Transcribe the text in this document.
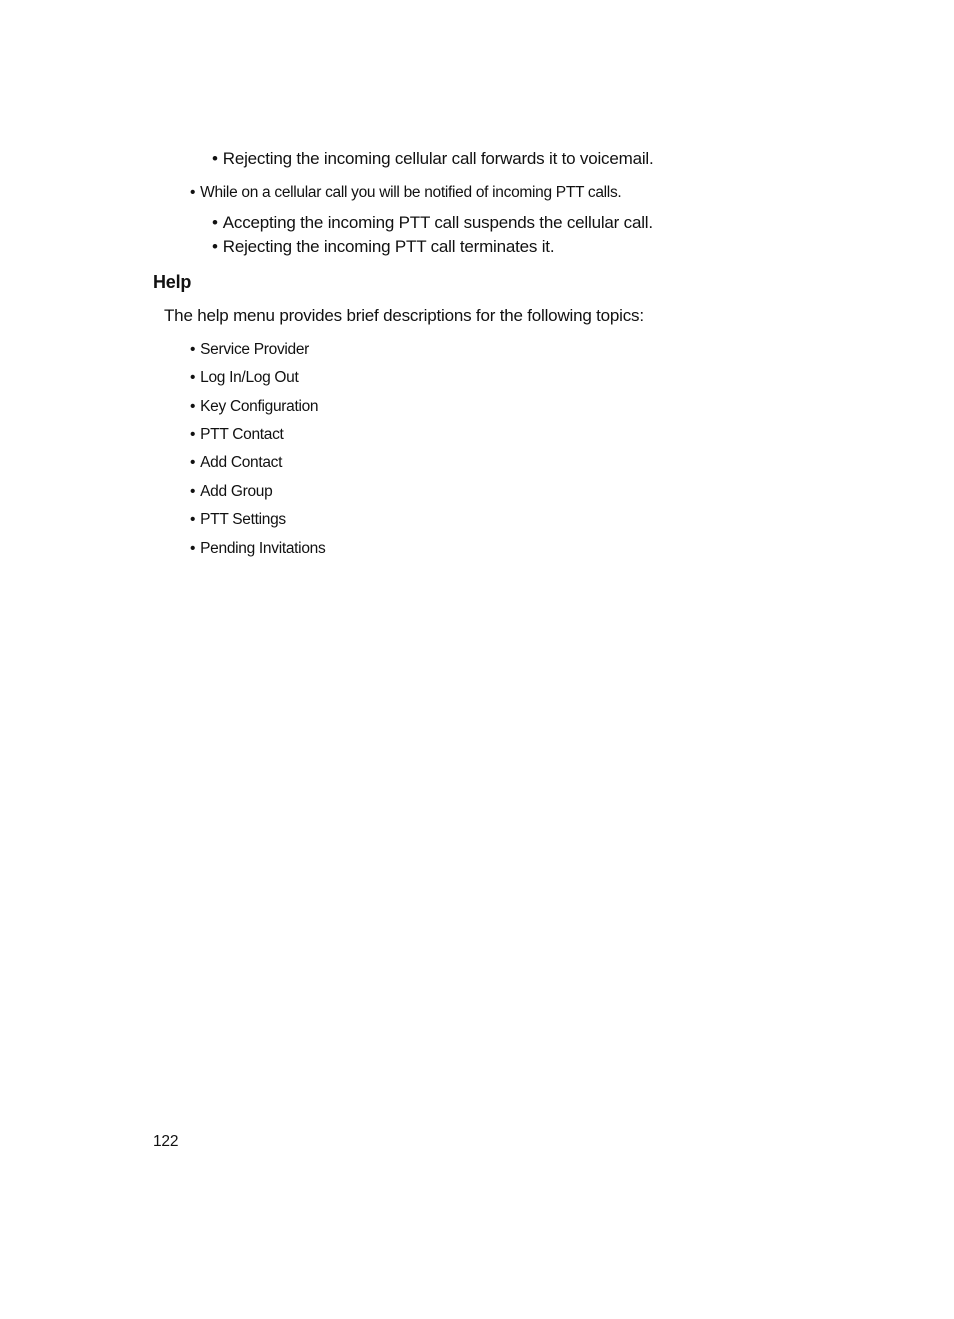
• Rejecting the incoming cellular call forwards it to voicemail.
• While on a cellular call you will be notified of incoming PTT calls.
• Accepting the incoming PTT call suspends the cellular call.
• Rejecting the incoming PTT call terminates it.
Help
The help menu provides brief descriptions for the following topics:
• Service Provider
• Log In/Log Out
• Key Configuration
• PTT Contact
• Add Contact
• Add Group
• PTT Settings
• Pending Invitations
122
